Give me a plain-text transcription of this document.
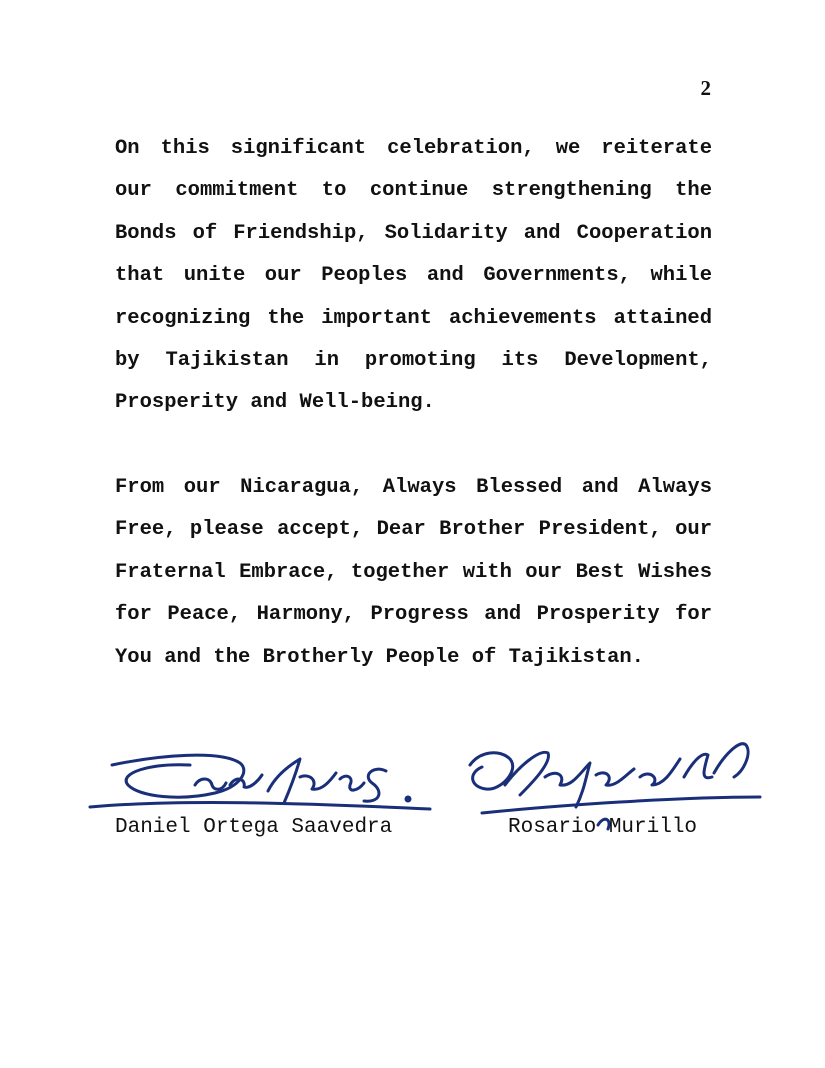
2

On this significant celebration, we reiterate our commitment to continue strengthening the Bonds of Friendship, Solidarity and Cooperation that unite our Peoples and Governments, while recognizing the important achievements attained by Tajikistan in promoting its Development, Prosperity and Well-being.

From our Nicaragua, Always Blessed and Always Free, please accept, Dear Brother President, our Fraternal Embrace, together with our Best Wishes for Peace, Harmony, Progress and Prosperity for You and the Brotherly People of Tajikistan.

Daniel Ortega Saavedra	Rosario Murillo
